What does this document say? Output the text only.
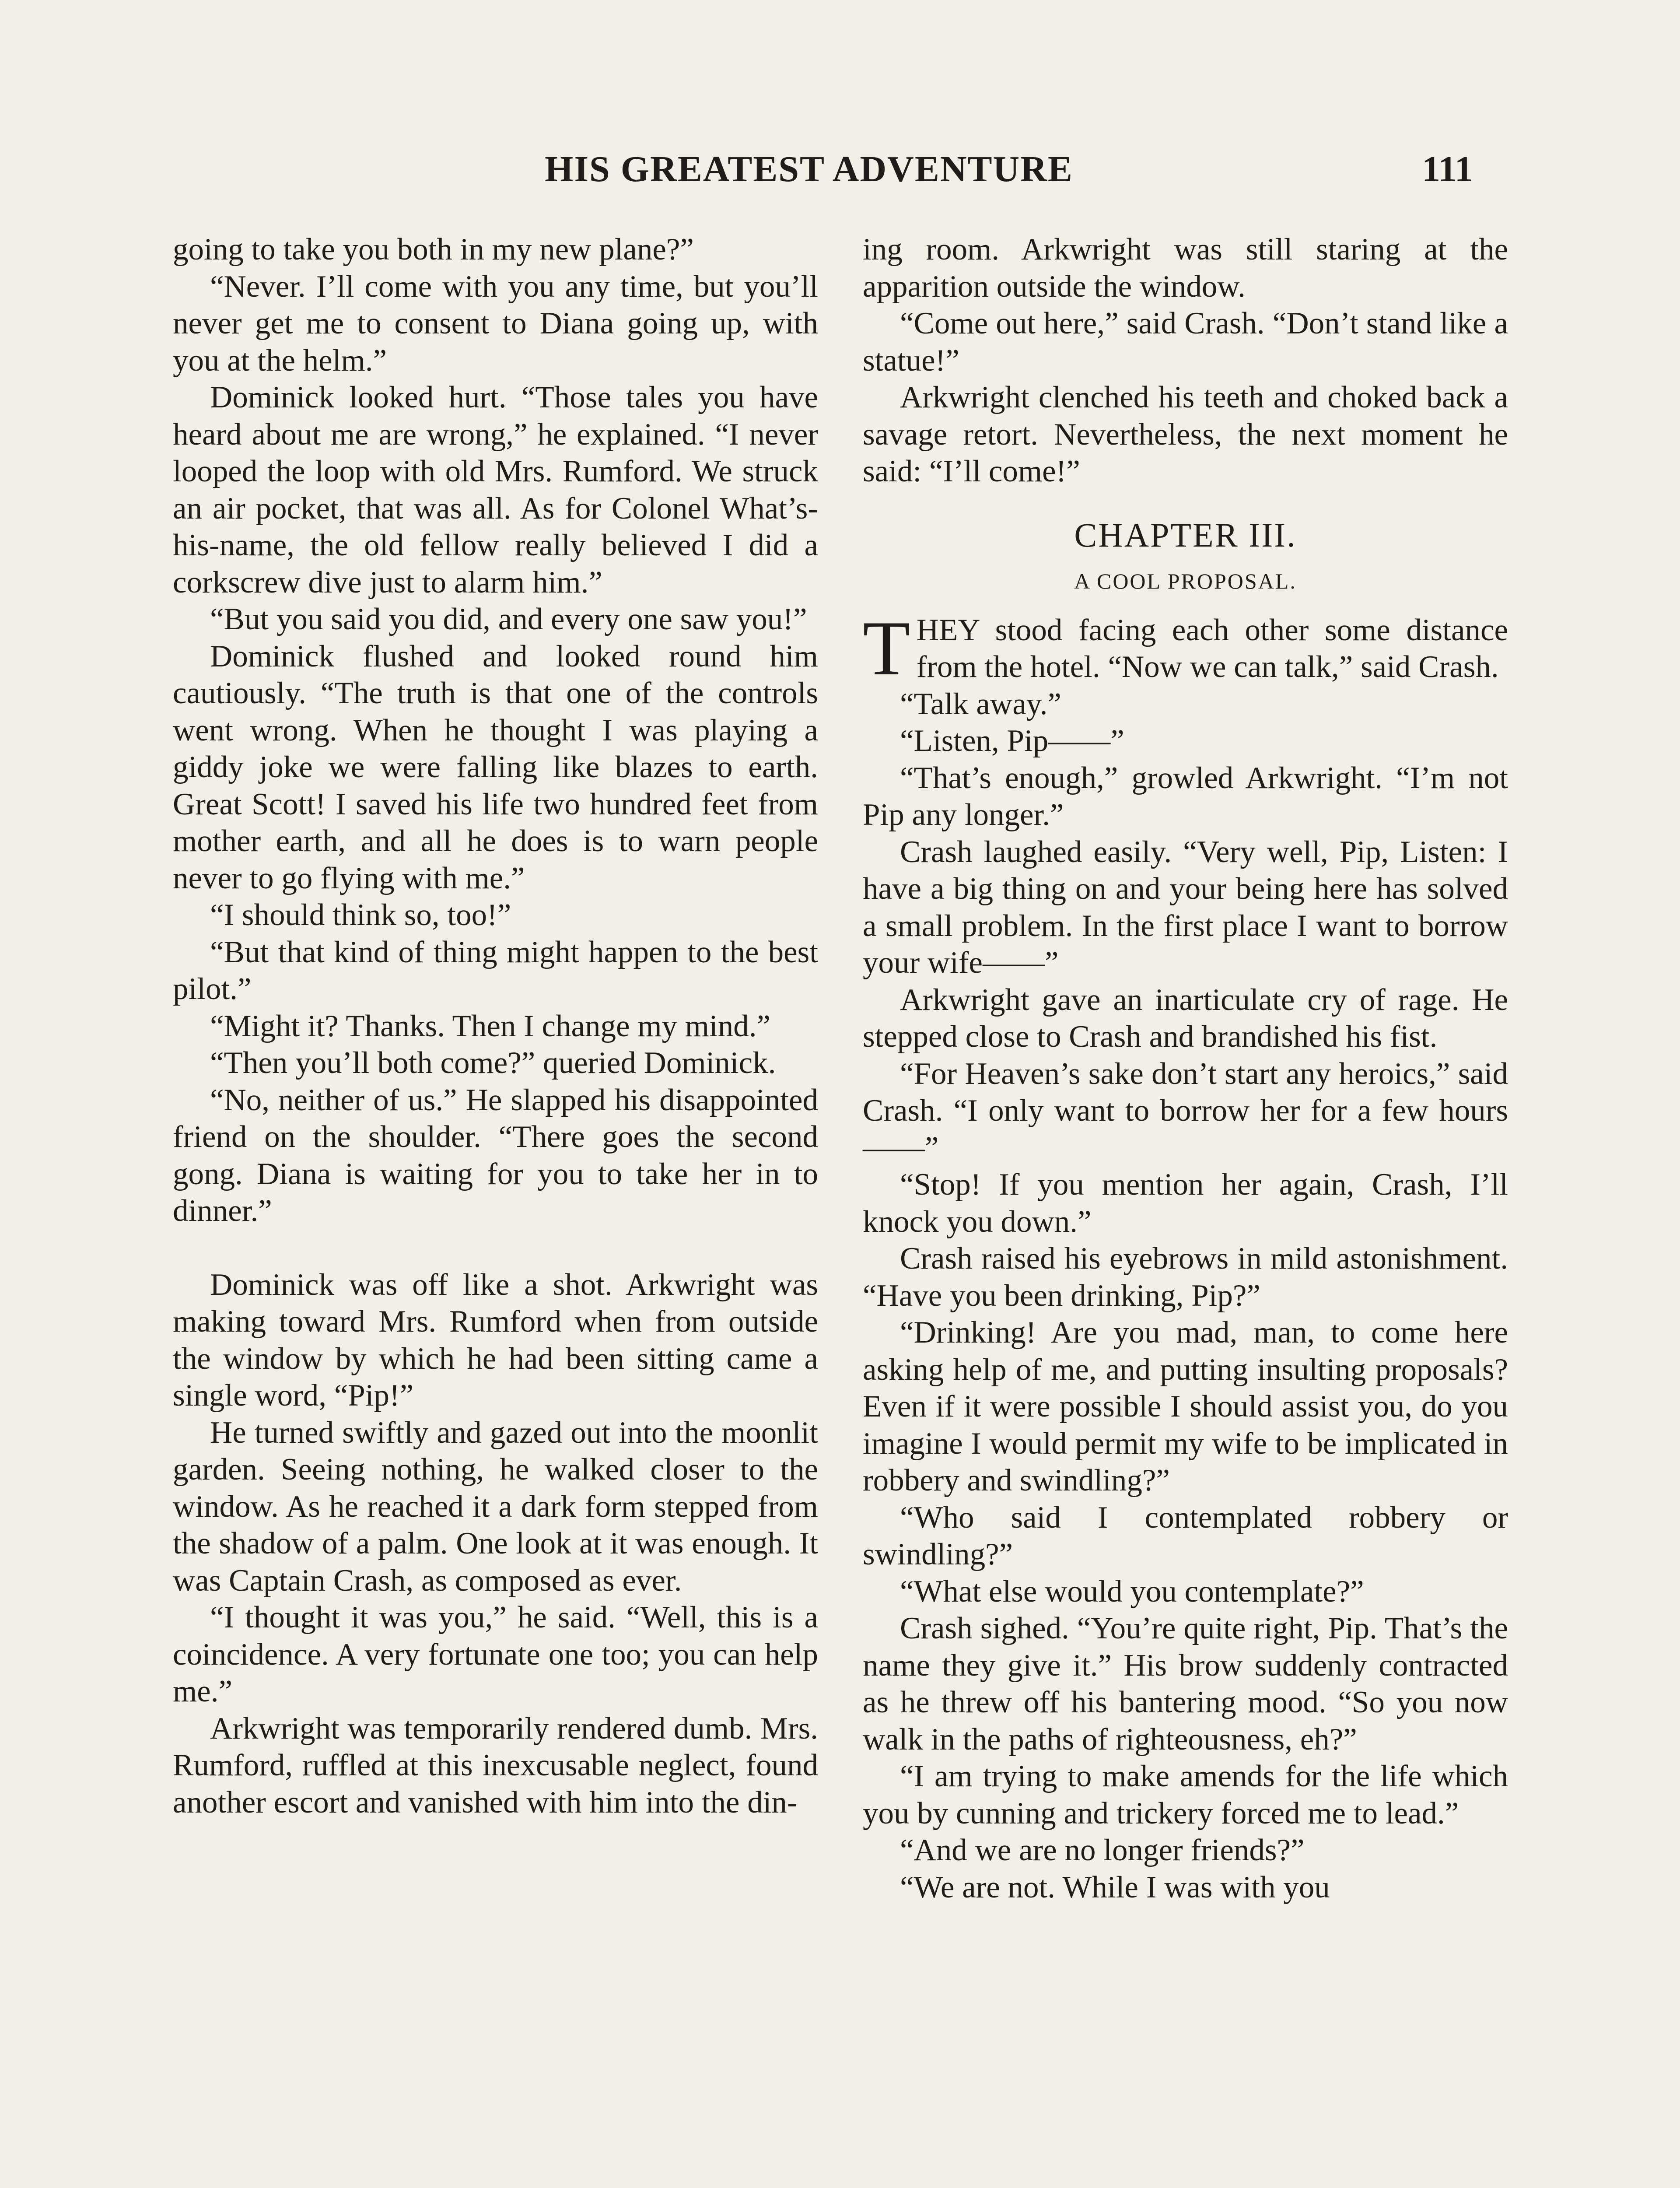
HIS GREATEST ADVENTURE	111

going to take you both in my new plane?”

“Never. I’ll come with you any time, but you’ll never get me to consent to Diana going up, with you at the helm.”

Dominick looked hurt. “Those tales you have heard about me are wrong,” he explained. “I never looped the loop with old Mrs. Rumford. We struck an air pocket, that was all. As for Colonel What’s-his-name, the old fellow really believed I did a corkscrew dive just to alarm him.”

“But you said you did, and every one saw you!”

Dominick flushed and looked round him cautiously. “The truth is that one of the controls went wrong. When he thought I was playing a giddy joke we were falling like blazes to earth. Great Scott! I saved his life two hundred feet from mother earth, and all he does is to warn people never to go flying with me.”

“I should think so, too!”

“But that kind of thing might happen to the best pilot.”

“Might it? Thanks. Then I change my mind.”

“Then you’ll both come?” queried Dominick.

“No, neither of us.” He slapped his disappointed friend on the shoulder. “There goes the second gong. Diana is waiting for you to take her in to dinner.”

Dominick was off like a shot. Arkwright was making toward Mrs. Rumford when from outside the window by which he had been sitting came a single word, “Pip!”

He turned swiftly and gazed out into the moonlit garden. Seeing nothing, he walked closer to the window. As he reached it a dark form stepped from the shadow of a palm. One look at it was enough. It was Captain Crash, as composed as ever.

“I thought it was you,” he said. “Well, this is a coincidence. A very fortunate one too; you can help me.”

Arkwright was temporarily rendered dumb. Mrs. Rumford, ruffled at this inexcusable neglect, found another escort and vanished with him into the din-

ing room. Arkwright was still staring at the apparition outside the window.

“Come out here,” said Crash. “Don’t stand like a statue!”

Arkwright clenched his teeth and choked back a savage retort. Nevertheless, the next moment he said: “I’ll come!”

CHAPTER III.
A COOL PROPOSAL.

T HEY stood facing each other some distance from the hotel. “Now we can talk,” said Crash.

“Talk away.”

“Listen, Pip——”

“That’s enough,” growled Arkwright. “I’m not Pip any longer.”

Crash laughed easily. “Very well, Pip, Listen: I have a big thing on and your being here has solved a small problem. In the first place I want to borrow your wife——”

Arkwright gave an inarticulate cry of rage. He stepped close to Crash and brandished his fist.

“For Heaven’s sake don’t start any heroics,” said Crash. “I only want to borrow her for a few hours——”

“Stop! If you mention her again, Crash, I’ll knock you down.”

Crash raised his eyebrows in mild astonishment. “Have you been drinking, Pip?”

“Drinking! Are you mad, man, to come here asking help of me, and putting insulting proposals? Even if it were possible I should assist you, do you imagine I would permit my wife to be implicated in robbery and swindling?”

“Who said I contemplated robbery or swindling?”

“What else would you contemplate?”

Crash sighed. “You’re quite right, Pip. That’s the name they give it.” His brow suddenly contracted as he threw off his bantering mood. “So you now walk in the paths of righteousness, eh?”

“I am trying to make amends for the life which you by cunning and trickery forced me to lead.”

“And we are no longer friends?”

“We are not. While I was with you
